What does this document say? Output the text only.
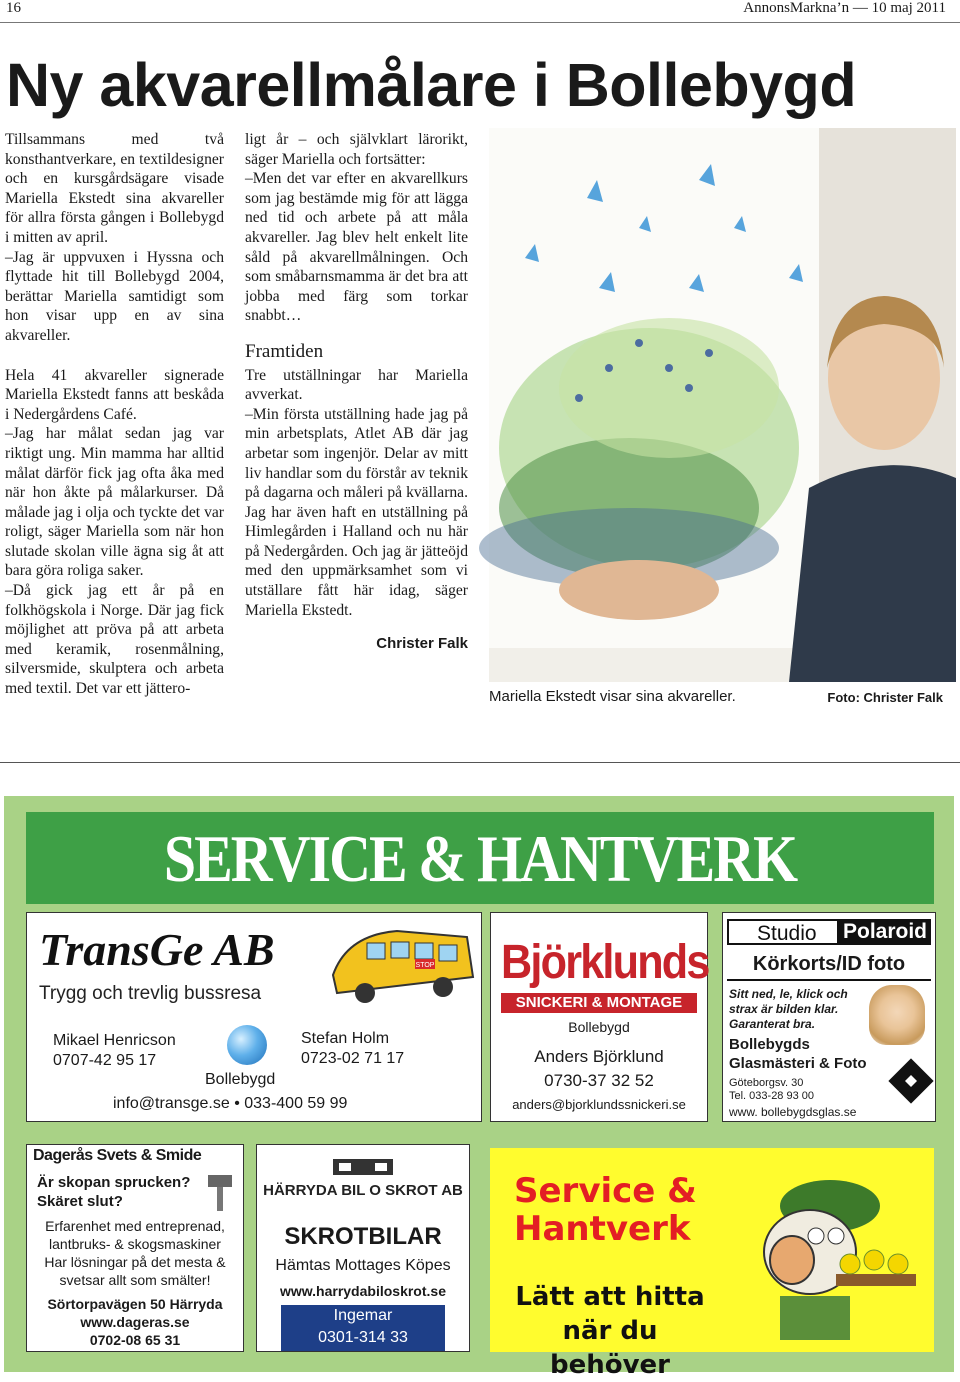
16	AnnonsMarkna’n — 10 maj 2011
Ny akvarellmålare i Bollebygd

Tillsammans med två konsthantverkare, en textildesigner och en kursgårdsägare visade Mariella Ekstedt sina akvareller för allra första gången i Bollebygd i mitten av april.

–Jag är uppvuxen i Hyssna och flyttade hit till Bollebygd 2004, berättar Mariella samtidigt som hon visar upp en av sina akvareller.

Hela 41 akvareller signerade Mariella Ekstedt fanns att beskåda i Nedergårdens Café.

–Jag har målat sedan jag var riktigt ung. Min mamma har alltid målat därför fick jag ofta åka med när hon åkte på målarkurser. Då målade jag i olja och tyckte det var roligt, säger Mariella som när hon slutade skolan ville ägna sig åt att bara göra roliga saker.

–Då gick jag ett år på en folkhögskola i Norge. Där jag fick möjlighet att pröva på att arbeta med keramik, rosenmålning, silversmide, skulptera och arbeta med textil. Det var ett jättero-

ligt år – och självklart lärorikt, säger Mariella och fortsätter:

–Men det var efter en akvarellkurs som jag bestämde mig för att lägga ned tid och arbete på att måla akvareller. Jag blev helt enkelt lite såld på akvarellmålningen. Och som småbarnsmamma är det bra att jobba med färg som torkar snabbt…

Framtiden

Tre utställningar har Mariella avverkat.

–Min första utställning hade jag på min arbetsplats, Atlet AB där jag arbetar som ingenjör. Delar av mitt liv handlar som du förstår av teknik på dagarna och måleri på kvällarna. Jag har även haft en utställning på Himlegården i Halland och nu här på Nedergården. Och jag är jätteöjd med den uppmärksamhet som vi utställare fått här idag, säger Mariella Ekstedt.

Christer Falk
Mariella Ekstedt visar sina akvareller.	Foto: Christer Falk
SERVICE & HANTVERK
TransGe AB	STOP
Trygg och trevlig bussresa
Mikael Henricson
0707-42 95 17
Stefan Holm
0723-02 71 17
Bollebygd
info@transge.se • 033-400 59 99
Björklunds
SNICKERI & MONTAGE
Bollebygd
Anders Björklund
0730-37 32 52
anders@bjorklundssnickeri.se
Studio	Polaroid
Körkorts/ID foto
Sitt ned, le, klick och strax är bilden klar. Garanterat bra.
Bollebygds
Glasmästeri & Foto
Göteborgsv. 30
Tel. 033-28 93 00
www. bollebygdsglas.se
Dagerås Svets & Smide
Är skopan sprucken?
Skäret slut?
Erfarenhet med entreprenad,
lantbruks- & skogsmaskiner
Har lösningar på det mesta &
svetsar allt som smälter!
Sörtorpavägen 50 Härryda
www.dageras.se
0702-08 65 31
HÄRRYDA BIL O SKROT AB
SKROTBILAR
Hämtas Mottages Köpes
www.harrydabiloskrot.se
Ingemar
0301-314 33
Service &
Hantverk
Lätt att hitta
när du behöver
